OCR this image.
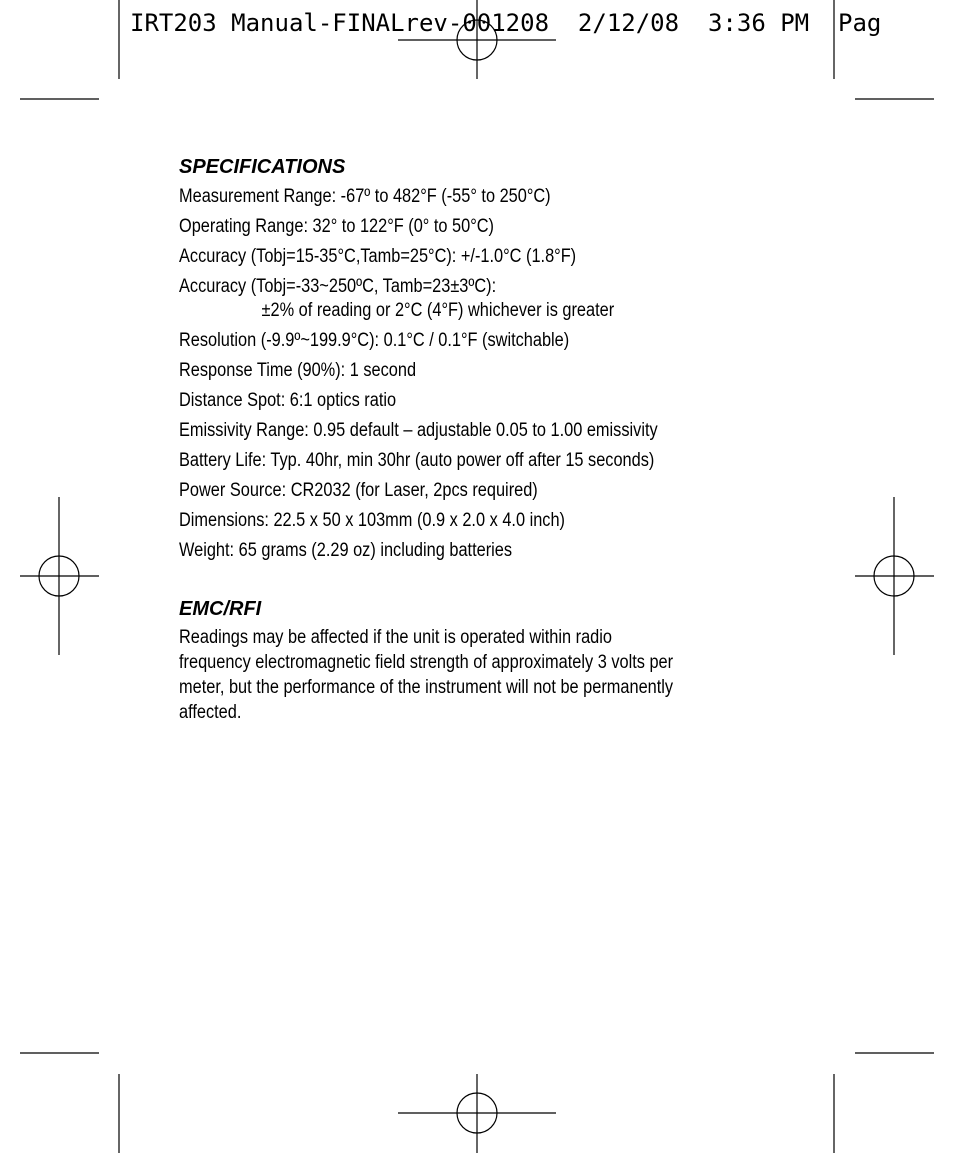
IRT203 Manual-FINALrev-001208  2/12/08  3:36 PM  Pag
SPECIFICATIONS
Measurement Range: -67º to 482°F (-55° to 250°C)
Operating Range: 32° to 122°F (0° to 50°C)
Accuracy (Tobj=15-35°C,Tamb=25°C): +/-1.0°C (1.8°F)
Accuracy (Tobj=-33~250ºC, Tamb=23±3ºC):
±2% of reading or 2°C (4°F) whichever is greater
Resolution (-9.9º~199.9°C): 0.1°C / 0.1°F (switchable)
Response Time (90%): 1 second
Distance Spot: 6:1 optics ratio
Emissivity Range: 0.95 default – adjustable 0.05 to 1.00 emissivity
Battery Life: Typ. 40hr, min 30hr (auto power off after 15 seconds)
Power Source: CR2032 (for Laser, 2pcs required)
Dimensions: 22.5 x 50 x 103mm (0.9 x 2.0 x 4.0 inch)
Weight: 65 grams (2.29 oz) including batteries
EMC/RFI
Readings may be affected if the unit is operated within radio
frequency electromagnetic field strength of approximately 3 volts per
meter, but the performance of the instrument will not be permanently
affected.
